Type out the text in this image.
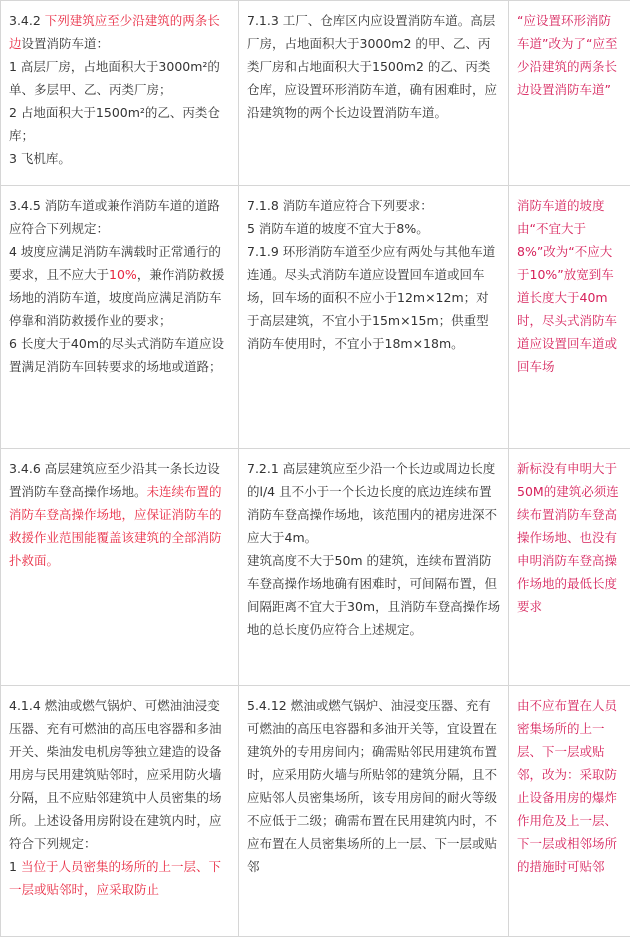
3.4.2 下列建筑应至少沿建筑的两条长边设置消防车道：
1 高层厂房，占地面积大于3000m²的单、多层甲、乙、丙类厂房；
2 占地面积大于1500m²的乙、丙类仓库；
3 飞机库。	7.1.3 工厂、仓库区内应设置消防车道。高层厂房，占地面积大于3000m2 的甲、乙、丙类厂房和占地面积大于1500m2 的乙、丙类仓库，应设置环形消防车道，确有困难时，应沿建筑物的两个长边设置消防车道。	“应设置环形消防车道”改为了“应至少沿建筑的两条长边设置消防车道”

3.4.5 消防车道或兼作消防车道的道路应符合下列规定：
4 坡度应满足消防车满载时正常通行的要求，且不应大于10%，兼作消防救援场地的消防车道，坡度尚应满足消防车停靠和消防救援作业的要求；
6 长度大于40m的尽头式消防车道应设置满足消防车回转要求的场地或道路；	7.1.8 消防车道应符合下列要求：
5 消防车道的坡度不宜大于8%。
7.1.9 环形消防车道至少应有两处与其他车道连通。尽头式消防车道应设置回车道或回车场，回车场的面积不应小于12m×12m；对于高层建筑，不宜小于15m×15m；供重型消防车使用时，不宜小于18m×18m。	消防车道的坡度由“不宜大于8%”改为“不应大于10%”放宽到车道长度大于40m时，尽头式消防车道应设置回车道或回车场

3.4.6 高层建筑应至少沿其一条长边设置消防车登高操作场地。未连续布置的消防车登高操作场地，应保证消防车的救援作业范围能覆盖该建筑的全部消防扑救面。	7.2.1 高层建筑应至少沿一个长边或周边长度的l/4 且不小于一个长边长度的底边连续布置消防车登高操作场地，该范围内的裙房进深不应大于4m。
建筑高度不大于50m 的建筑，连续布置消防车登高操作场地确有困难时，可间隔布置，但间隔距离不宜大于30m，且消防车登高操作场地的总长度仍应符合上述规定。	新标没有申明大于50M的建筑必须连续布置消防车登高操作场地、也没有申明消防车登高操作场地的最低长度要求

4.1.4 燃油或燃气锅炉、可燃油油浸变压器、充有可燃油的高压电容器和多油开关、柴油发电机房等独立建造的设备用房与民用建筑贴邻时，应采用防火墙分隔，且不应贴邻建筑中人员密集的场所。上述设备用房附设在建筑内时，应符合下列规定：
1 当位于人员密集的场所的上一层、下一层或贴邻时，应采取防止	5.4.12 燃油或燃气锅炉、油浸变压器、充有可燃油的高压电容器和多油开关等，宜设置在建筑外的专用房间内；确需贴邻民用建筑布置时，应采用防火墙与所贴邻的建筑分隔，且不应贴邻人员密集场所，该专用房间的耐火等级不应低于二级；确需布置在民用建筑内时，不应布置在人员密集场所的上一层、下一层或贴邻	由不应布置在人员密集场所的上一层、下一层或贴邻，改为：采取防止设备用房的爆炸作用危及上一层、下一层或相邻场所的措施时可贴邻
